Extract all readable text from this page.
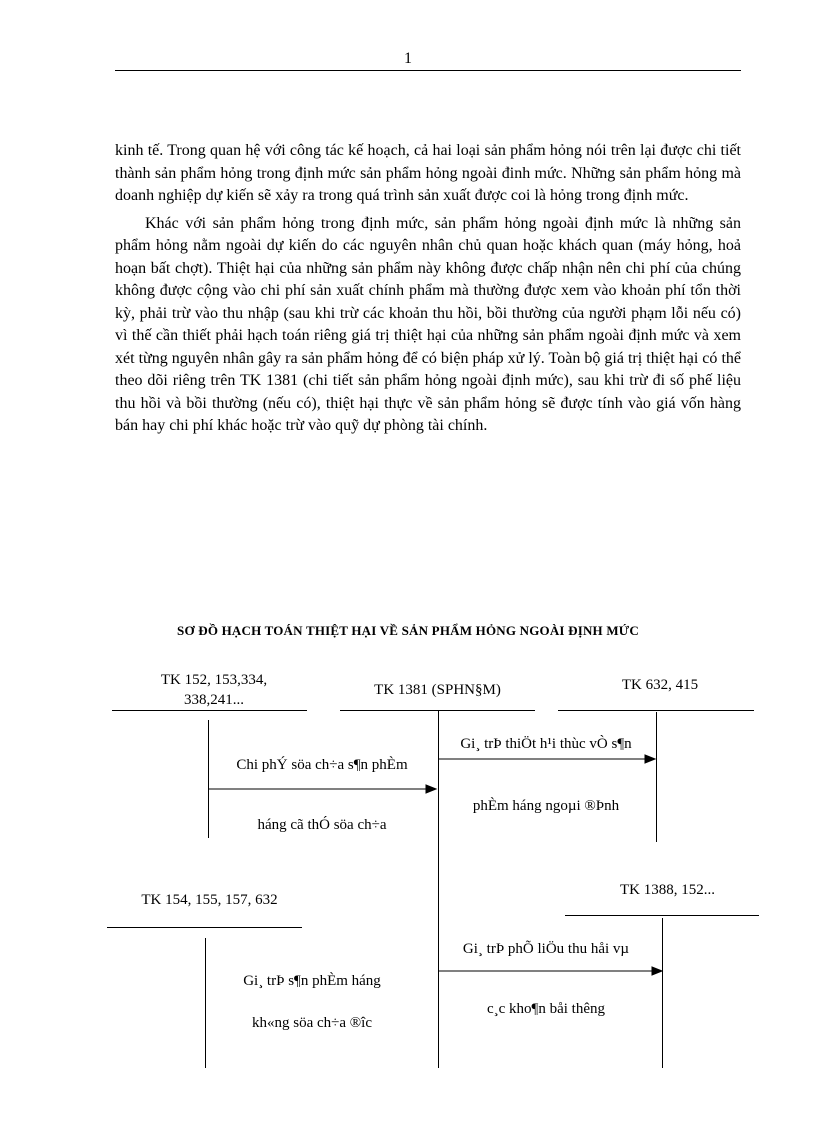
1

kinh tế. Trong quan hệ với công tác kế hoạch, cả hai loại sản phẩm hỏng nói trên lại được chi tiết thành sản phẩm hỏng trong định mức sản phẩm hỏng ngoài đinh mức. Những sản phẩm hỏng mà doanh nghiệp dự kiến sẽ xảy ra trong quá trình sản xuất được coi là hỏng trong định mức.

Khác với sản phẩm hỏng trong định mức, sản phẩm hỏng ngoài định mức là những sản phẩm hỏng nằm ngoài dự kiến do các nguyên nhân chủ quan hoặc khách quan (máy hỏng, hoả hoạn bất chợt). Thiệt hại của những sản phẩm này không được chấp nhận nên chi phí của chúng không được cộng vào chi phí sản xuất chính phẩm mà thường được xem vào khoản phí tổn thời kỳ, phải trừ vào thu nhập (sau khi trừ các khoản thu hồi, bồi thường của người phạm lỗi nếu có) vì thế cần thiết phải hạch toán riêng giá trị thiệt hại của những sản phẩm ngoài định mức và xem xét từng nguyên nhân gây ra sản phẩm hỏng để có biện pháp xử lý. Toàn bộ giá trị thiệt hại có thể theo dõi riêng trên TK 1381 (chi tiết sản phẩm hỏng ngoài định mức), sau khi trừ đi số phế liệu thu hồi và bồi thường (nếu có), thiệt hại thực về sản phẩm hỏng sẽ được tính vào giá vốn hàng bán hay chi phí khác hoặc trừ vào quỹ dự phòng tài chính.

SƠ ĐỒ HẠCH TOÁN THIỆT HẠI VỀ SẢN PHẨM HỎNG NGOÀI ĐỊNH MỨC
TK 152, 153,334, 338,241...
TK 1381 (SPHN§M)	TK 632, 415
TK 154, 155, 157, 632
TK 1388, 152...
Chi phÝ söa ch÷a s¶n phÈm
háng cã thÓ söa ch÷a
Gi¸ trÞ thiÖt h¹i thùc vÒ s¶n
phÈm háng ngoµi ®Þnh
Gi¸ trÞ s¶n phÈm háng
kh«ng söa ch÷a ®îc
Gi¸ trÞ phÕ liÖu thu håi vµ
c¸c kho¶n båi thêng
